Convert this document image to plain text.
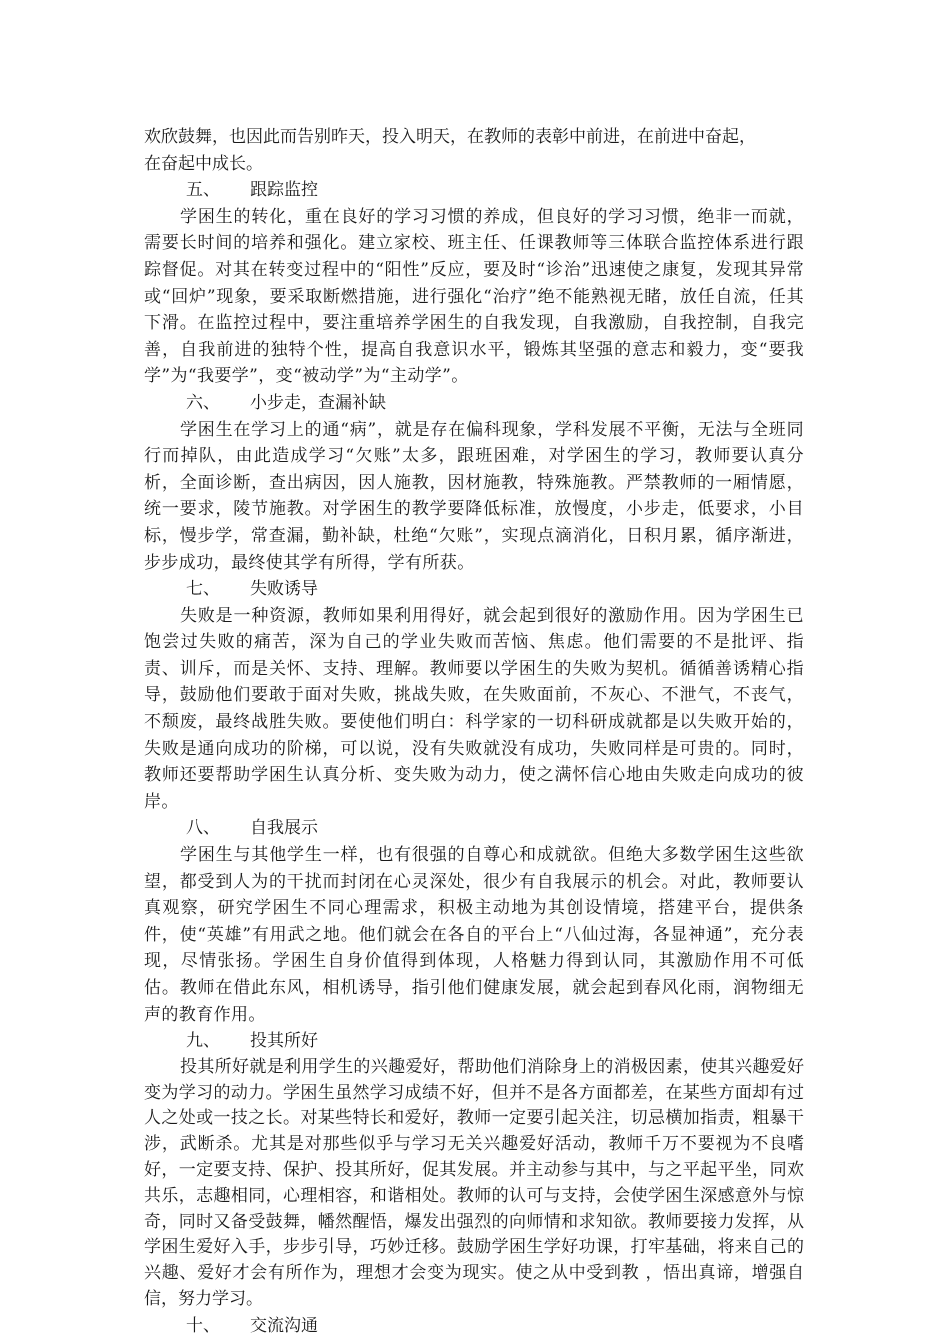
欢欣鼓舞，也因此而告别昨天，投入明天，在教师的表彰中前进，在前进中奋起，
在奋起中成长。
五、 跟踪监控

学困生的转化，重在良好的学习习惯的养成，但良好的学习习惯，绝非一而就，需要长时间的培养和强化。建立家校、班主任、任课教师等三体联合监控体系进行跟踪督促。对其在转变过程中的“阳性”反应，要及时“诊治”迅速使之康复，发现其异常或“回炉”现象，要采取断燃措施，进行强化“治疗”绝不能熟视无睹，放任自流，任其下滑。在监控过程中，要注重培养学困生的自我发现，自我激励，自我控制，自我完善，自我前进的独特个性，提高自我意识水平，锻炼其坚强的意志和毅力，变“要我学”为“我要学”，变“被动学”为“主动学”。

六、 小步走，查漏补缺

学困生在学习上的通“病”，就是存在偏科现象，学科发展不平衡，无法与全班同行而掉队，由此造成学习“欠账”太多，跟班困难，对学困生的学习，教师要认真分析，全面诊断，查出病因，因人施教，因材施教，特殊施教。严禁教师的一厢情愿，统一要求，陵节施教。对学困生的教学要降低标准，放慢度，小步走，低要求，小目标，慢步学，常查漏，勤补缺，杜绝“欠账”，实现点滴消化，日积月累，循序渐进，步步成功，最终使其学有所得，学有所获。

七、 失败诱导

失败是一种资源，教师如果利用得好，就会起到很好的激励作用。因为学困生已饱尝过失败的痛苦，深为自己的学业失败而苦恼、焦虑。他们需要的不是批评、指责、训斥，而是关怀、支持、理解。教师要以学困生的失败为契机。循循善诱精心指导，鼓励他们要敢于面对失败，挑战失败，在失败面前，不灰心、不泄气，不丧气，不颓废，最终战胜失败。要使他们明白：科学家的一切科研成就都是以失败开始的，失败是通向成功的阶梯，可以说，没有失败就没有成功，失败同样是可贵的。同时，教师还要帮助学困生认真分析、变失败为动力，使之满怀信心地由失败走向成功的彼岸。

八、 自我展示

学困生与其他学生一样，也有很强的自尊心和成就欲。但绝大多数学困生这些欲望，都受到人为的干扰而封闭在心灵深处，很少有自我展示的机会。对此，教师要认真观察，研究学困生不同心理需求，积极主动地为其创设情境，搭建平台，提供条件，使“英雄”有用武之地。他们就会在各自的平台上“八仙过海，各显神通”，充分表现，尽情张扬。学困生自身价值得到体现，人格魅力得到认同，其激励作用不可低估。教师在借此东风，相机诱导，指引他们健康发展，就会起到春风化雨，润物细无声的教育作用。

九、 投其所好

投其所好就是利用学生的兴趣爱好，帮助他们消除身上的消极因素，使其兴趣爱好变为学习的动力。学困生虽然学习成绩不好，但并不是各方面都差，在某些方面却有过人之处或一技之长。对某些特长和爱好，教师一定要引起关注，切忌横加指责，粗暴干涉，武断杀。尤其是对那些似乎与学习无关兴趣爱好活动，教师千万不要视为不良嗜好，一定要支持、保护、投其所好，促其发展。并主动参与其中，与之平起平坐，同欢共乐，志趣相同，心理相容，和谐相处。教师的认可与支持，会使学困生深感意外与惊奇，同时又备受鼓舞，幡然醒悟，爆发出强烈的向师情和求知欲。教师要接力发挥，从学困生爱好入手，步步引导，巧妙迁移。鼓励学困生学好功课，打牢基础，将来自己的兴趣、爱好才会有所作为，理想才会变为现实。使之从中受到教 ，悟出真谛，增强自信，努力学习。

十、 交流沟通
